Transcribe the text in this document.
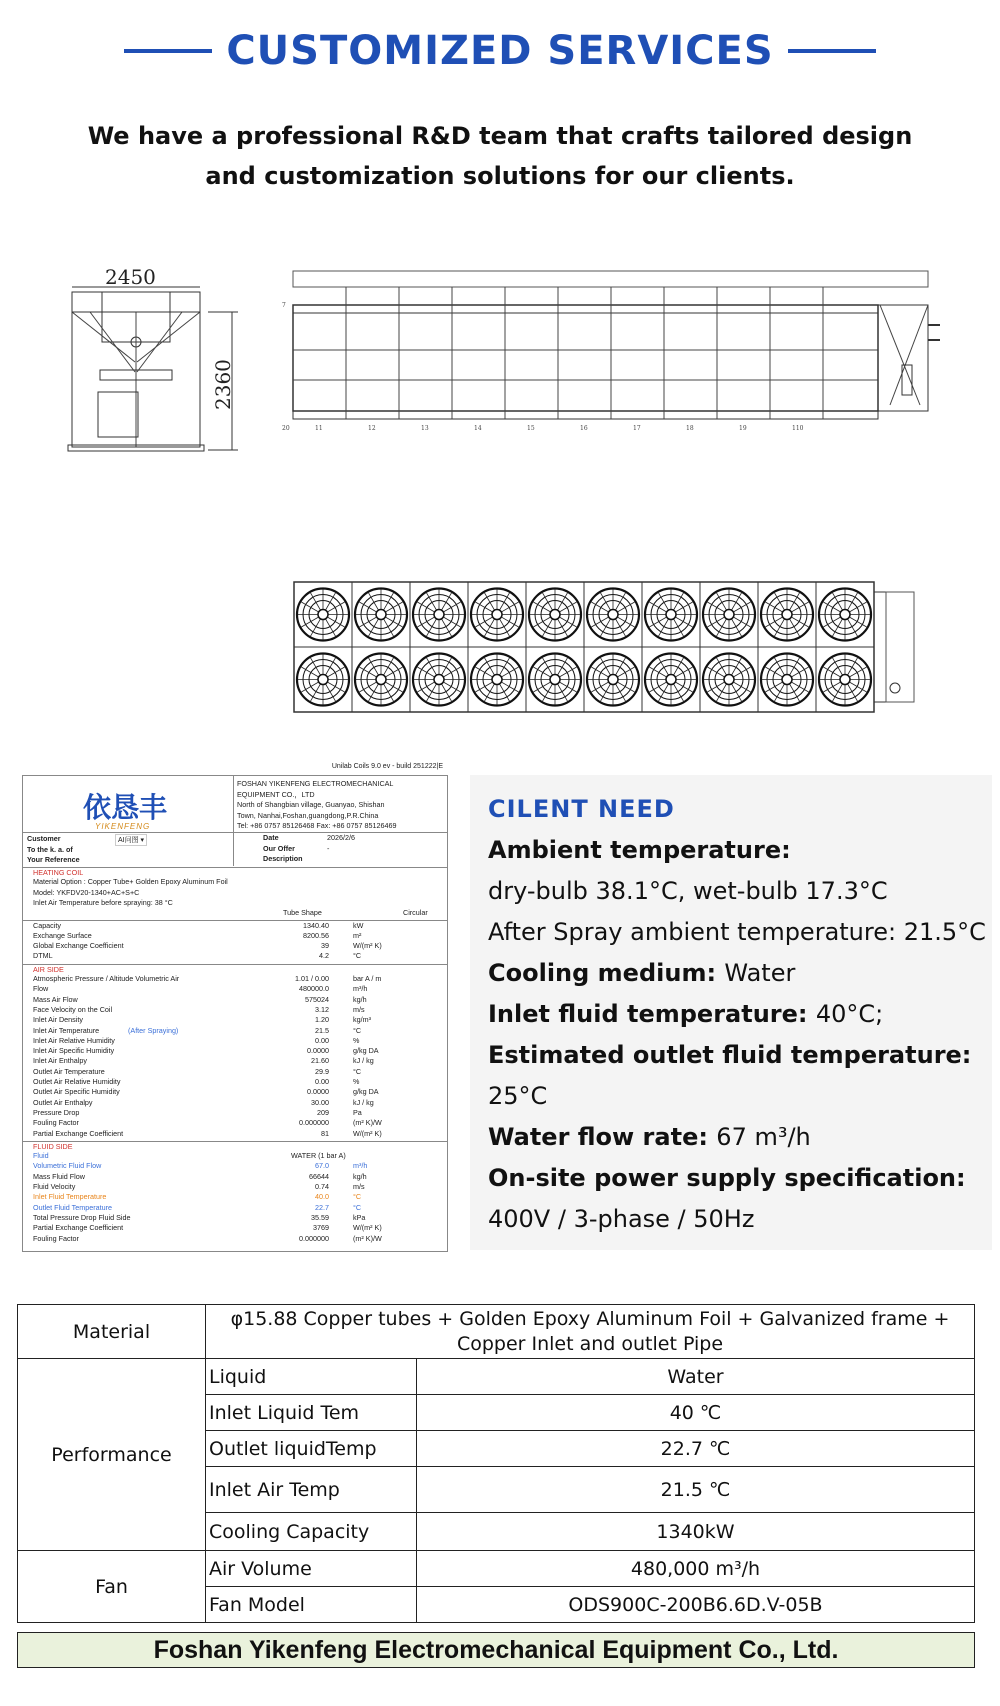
CUSTOMIZED SERVICES
We have a professional R&D team that crafts tailored design
and customization solutions for our clients.
2450
2360
7
20	11	12	13	14	15	16	17	18	19	110
Unilab Coils 9.0 ev - build 251222|E
依恳丰
YIKENFENG
FOSHAN YIKENFENG ELECTROMECHANICAL
EQUIPMENT CO.，LTD
North of Shangbian village, Guanyao, Shishan
Town, Nanhai,Foshan,guangdong,P.R.China
Tel: +86 0757 85126468 Fax: +86 0757 85126469
Customer
To the k. a. of
Your Reference
AI问图 ▾	Date	2026/2/6
Our Offer	-
Description
HEATING COIL
Material Option : Copper Tube+ Golden Epoxy Aluminum Foil
Model: YKFDV20-1340+AC+S+C
Inlet Air Temperature before spraying: 38 °C
Tube Shape	Circular
Capacity	1340.40	kW
Exchange Surface	8200.56	m²
Global Exchange Coefficient	39	W/(m² K)
DTML	4.2	°C
AIR SIDE
Atmospheric Pressure / Altitude Volumetric Air	1.01 / 0.00	bar A / m
Flow	480000.0	m³/h
Mass Air Flow	575024	kg/h
Face Velocity on the Coil	3.12	m/s
Inlet Air Density	1.20	kg/m³
Inlet Air Temperature	21.5	°C
Inlet Air Relative Humidity	0.00	%
Inlet Air Specific Humidity	0.0000	g/kg DA
Inlet Air Enthalpy	21.60	kJ / kg
Outlet Air Temperature	29.9	°C
Outlet Air Relative Humidity	0.00	%
Outlet Air Specific Humidity	0.0000	g/kg DA
Outlet Air Enthalpy	30.00	kJ / kg
Pressure Drop	209	Pa
Fouling Factor	0.000000	(m² K)/W
Partial Exchange Coefficient	81	W/(m² K)
(After Spraying)
FLUID SIDE
Fluid	WATER (1 bar A)
Volumetric Fluid Flow	67.0	m³/h
Mass Fluid Flow	66644	kg/h
Fluid Velocity	0.74	m/s
Inlet Fluid Temperature	40.0	°C
Outlet Fluid Temperature	22.7	°C
Total Pressure Drop Fluid Side	35.59	kPa
Partial Exchange Coefficient	3769	W/(m² K)
Fouling Factor	0.000000	(m² K)/W
CILENT NEED
Ambient temperature:
dry-bulb 38.1°C, wet-bulb 17.3°C
After Spray ambient temperature: 21.5°C
Cooling medium: Water
Inlet fluid temperature: 40°C;
Estimated outlet fluid temperature:
25°C
Water flow rate: 67 m³/h
On-site power supply specification:
400V / 3-phase / 50Hz
Material	φ15.88 Copper tubes + Golden Epoxy Aluminum Foil + Galvanized frame + Copper Inlet and outlet Pipe	
Performance	Liquid	Water
	Inlet Liquid Tem	40 ℃
	Outlet liquidTemp	22.7 ℃
	Inlet Air Temp	21.5 ℃
	Cooling Capacity	1340kW
Fan	Air Volume	480,000 m³/h
	Fan Model	ODS900C-200B6.6D.V-05B
Foshan Yikenfeng Electromechanical Equipment Co., Ltd.
